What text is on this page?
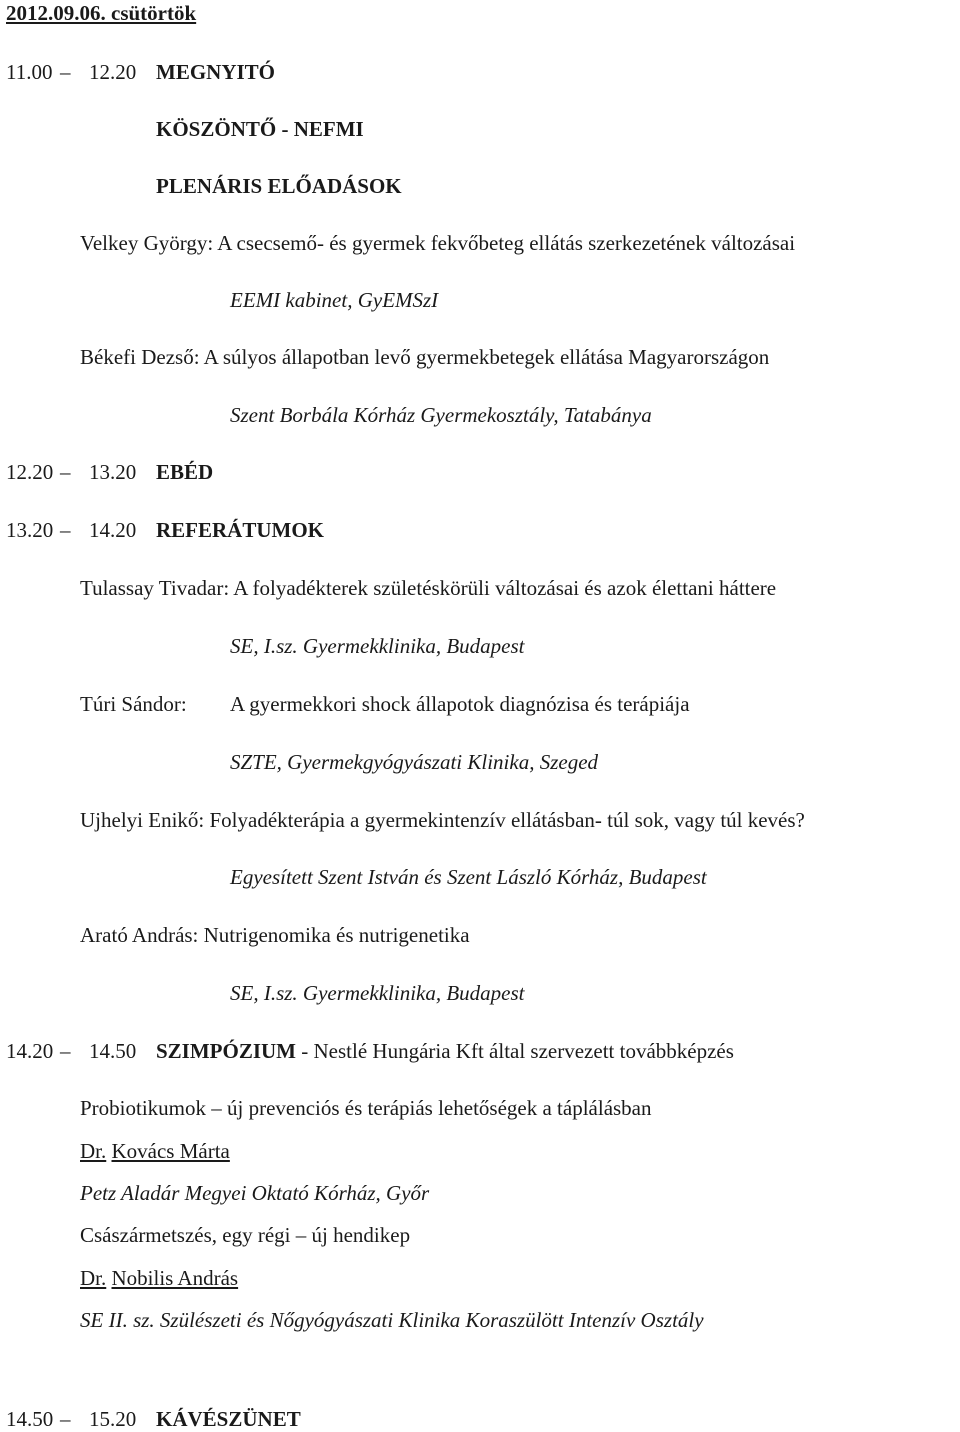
2012.09.06. csütörtök
11.00 12.20 MEGNYITÓ
KÖSZÖNTŐ - NEFMI
PLENÁRIS ELŐADÁSOK
Velkey György: A csecsemő- és gyermek fekvőbeteg ellátás szerkezetének változásai
EEMI kabinet, GyEMSzI
Békefi Dezső: A súlyos állapotban levő gyermekbetegek ellátása Magyarországon
Szent Borbála Kórház Gyermekosztály, Tatabánya
12.20 13.20 EBÉD
13.20 14.20 REFERÁTUMOK
Tulassay Tivadar: A folyadékterek születéskörüli változásai és azok élettani háttere
SE, I.sz. Gyermekklinika, Budapest
Túri Sándor: A gyermekkori shock állapotok diagnózisa és terápiája
SZTE, Gyermekgyógyászati Klinika, Szeged
Ujhelyi Enikő: Folyadékterápia a gyermekintenzív ellátásban- túl sok, vagy túl kevés?
Egyesített Szent István és Szent László Kórház, Budapest
Arató András: Nutrigenomika és nutrigenetika
SE, I.sz. Gyermekklinika, Budapest
14.20 14.50 SZIMPÓZIUM - Nestlé Hungária Kft által szervezett továbbképzés
Probiotikumok – új prevenciós és terápiás lehetőségek a táplálásban
Dr. Kovács Márta
Petz Aladár Megyei Oktató Kórház, Győr
Császármetszés, egy régi – új hendikep
Dr. Nobilis András
SE II. sz. Szülészeti és Nőgyógyászati Klinika Koraszülött Intenzív Osztály
14.50 15.20 KÁVÉSZÜNET
–
–
–
–
–
